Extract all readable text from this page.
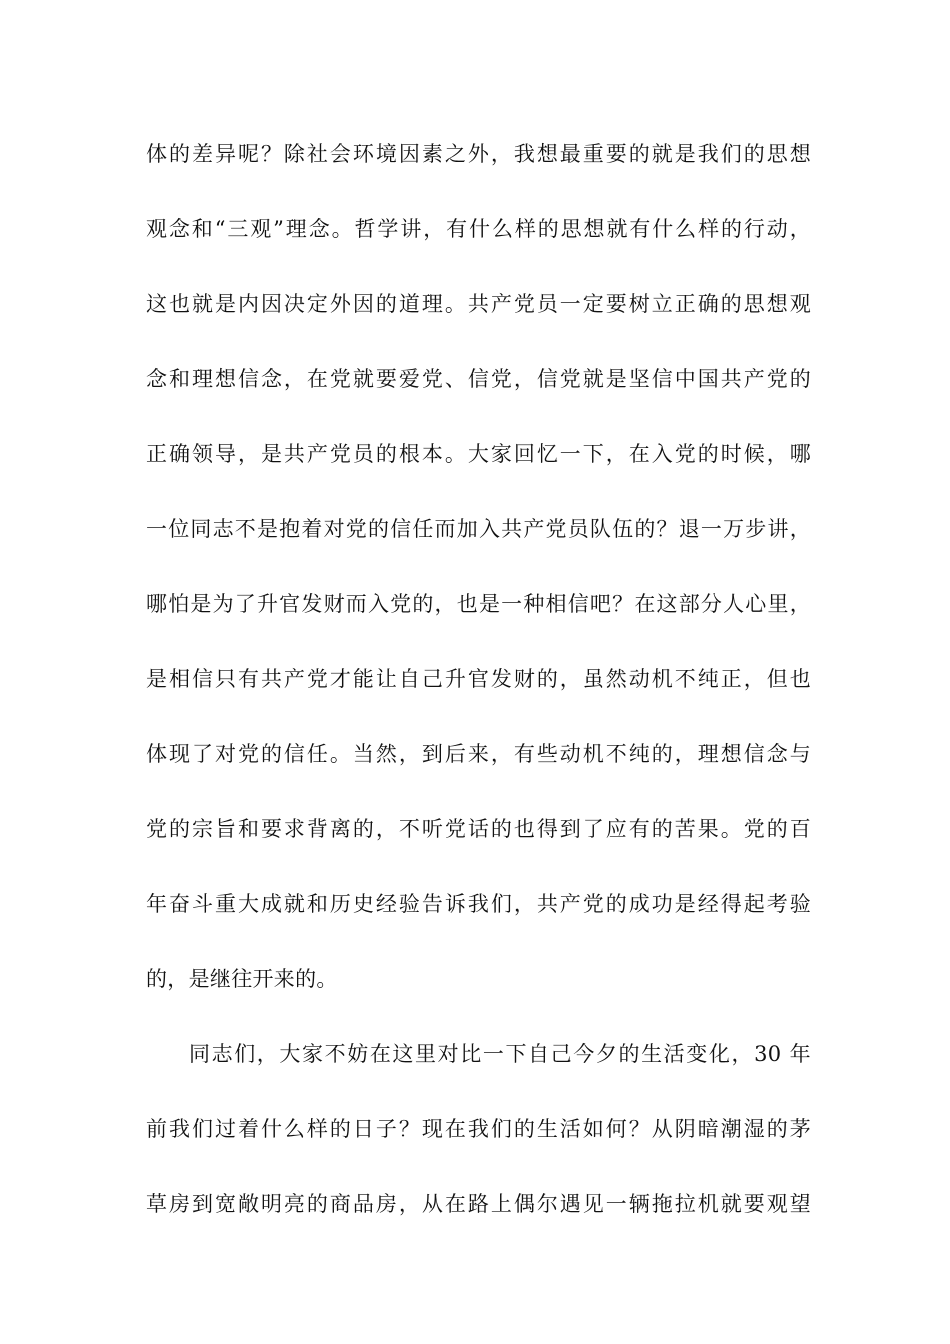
体的差异呢？除社会环境因素之外，我想最重要的就是我们的思想
观念和“三观”理念。哲学讲，有什么样的思想就有什么样的行动，
这也就是内因决定外因的道理。共产党员一定要树立正确的思想观
念和理想信念，在党就要爱党、信党，信党就是坚信中国共产党的
正确领导，是共产党员的根本。大家回忆一下，在入党的时候，哪
一位同志不是抱着对党的信任而加入共产党员队伍的？退一万步讲，
哪怕是为了升官发财而入党的，也是一种相信吧？在这部分人心里，
是相信只有共产党才能让自己升官发财的，虽然动机不纯正，但也
体现了对党的信任。当然，到后来，有些动机不纯的，理想信念与
党的宗旨和要求背离的，不听党话的也得到了应有的苦果。党的百
年奋斗重大成就和历史经验告诉我们，共产党的成功是经得起考验
的，是继往开来的。
同志们，大家不妨在这里对比一下自己今夕的生活变化，30 年
前我们过着什么样的日子？现在我们的生活如何？从阴暗潮湿的茅
草房到宽敞明亮的商品房，从在路上偶尔遇见一辆拖拉机就要观望
